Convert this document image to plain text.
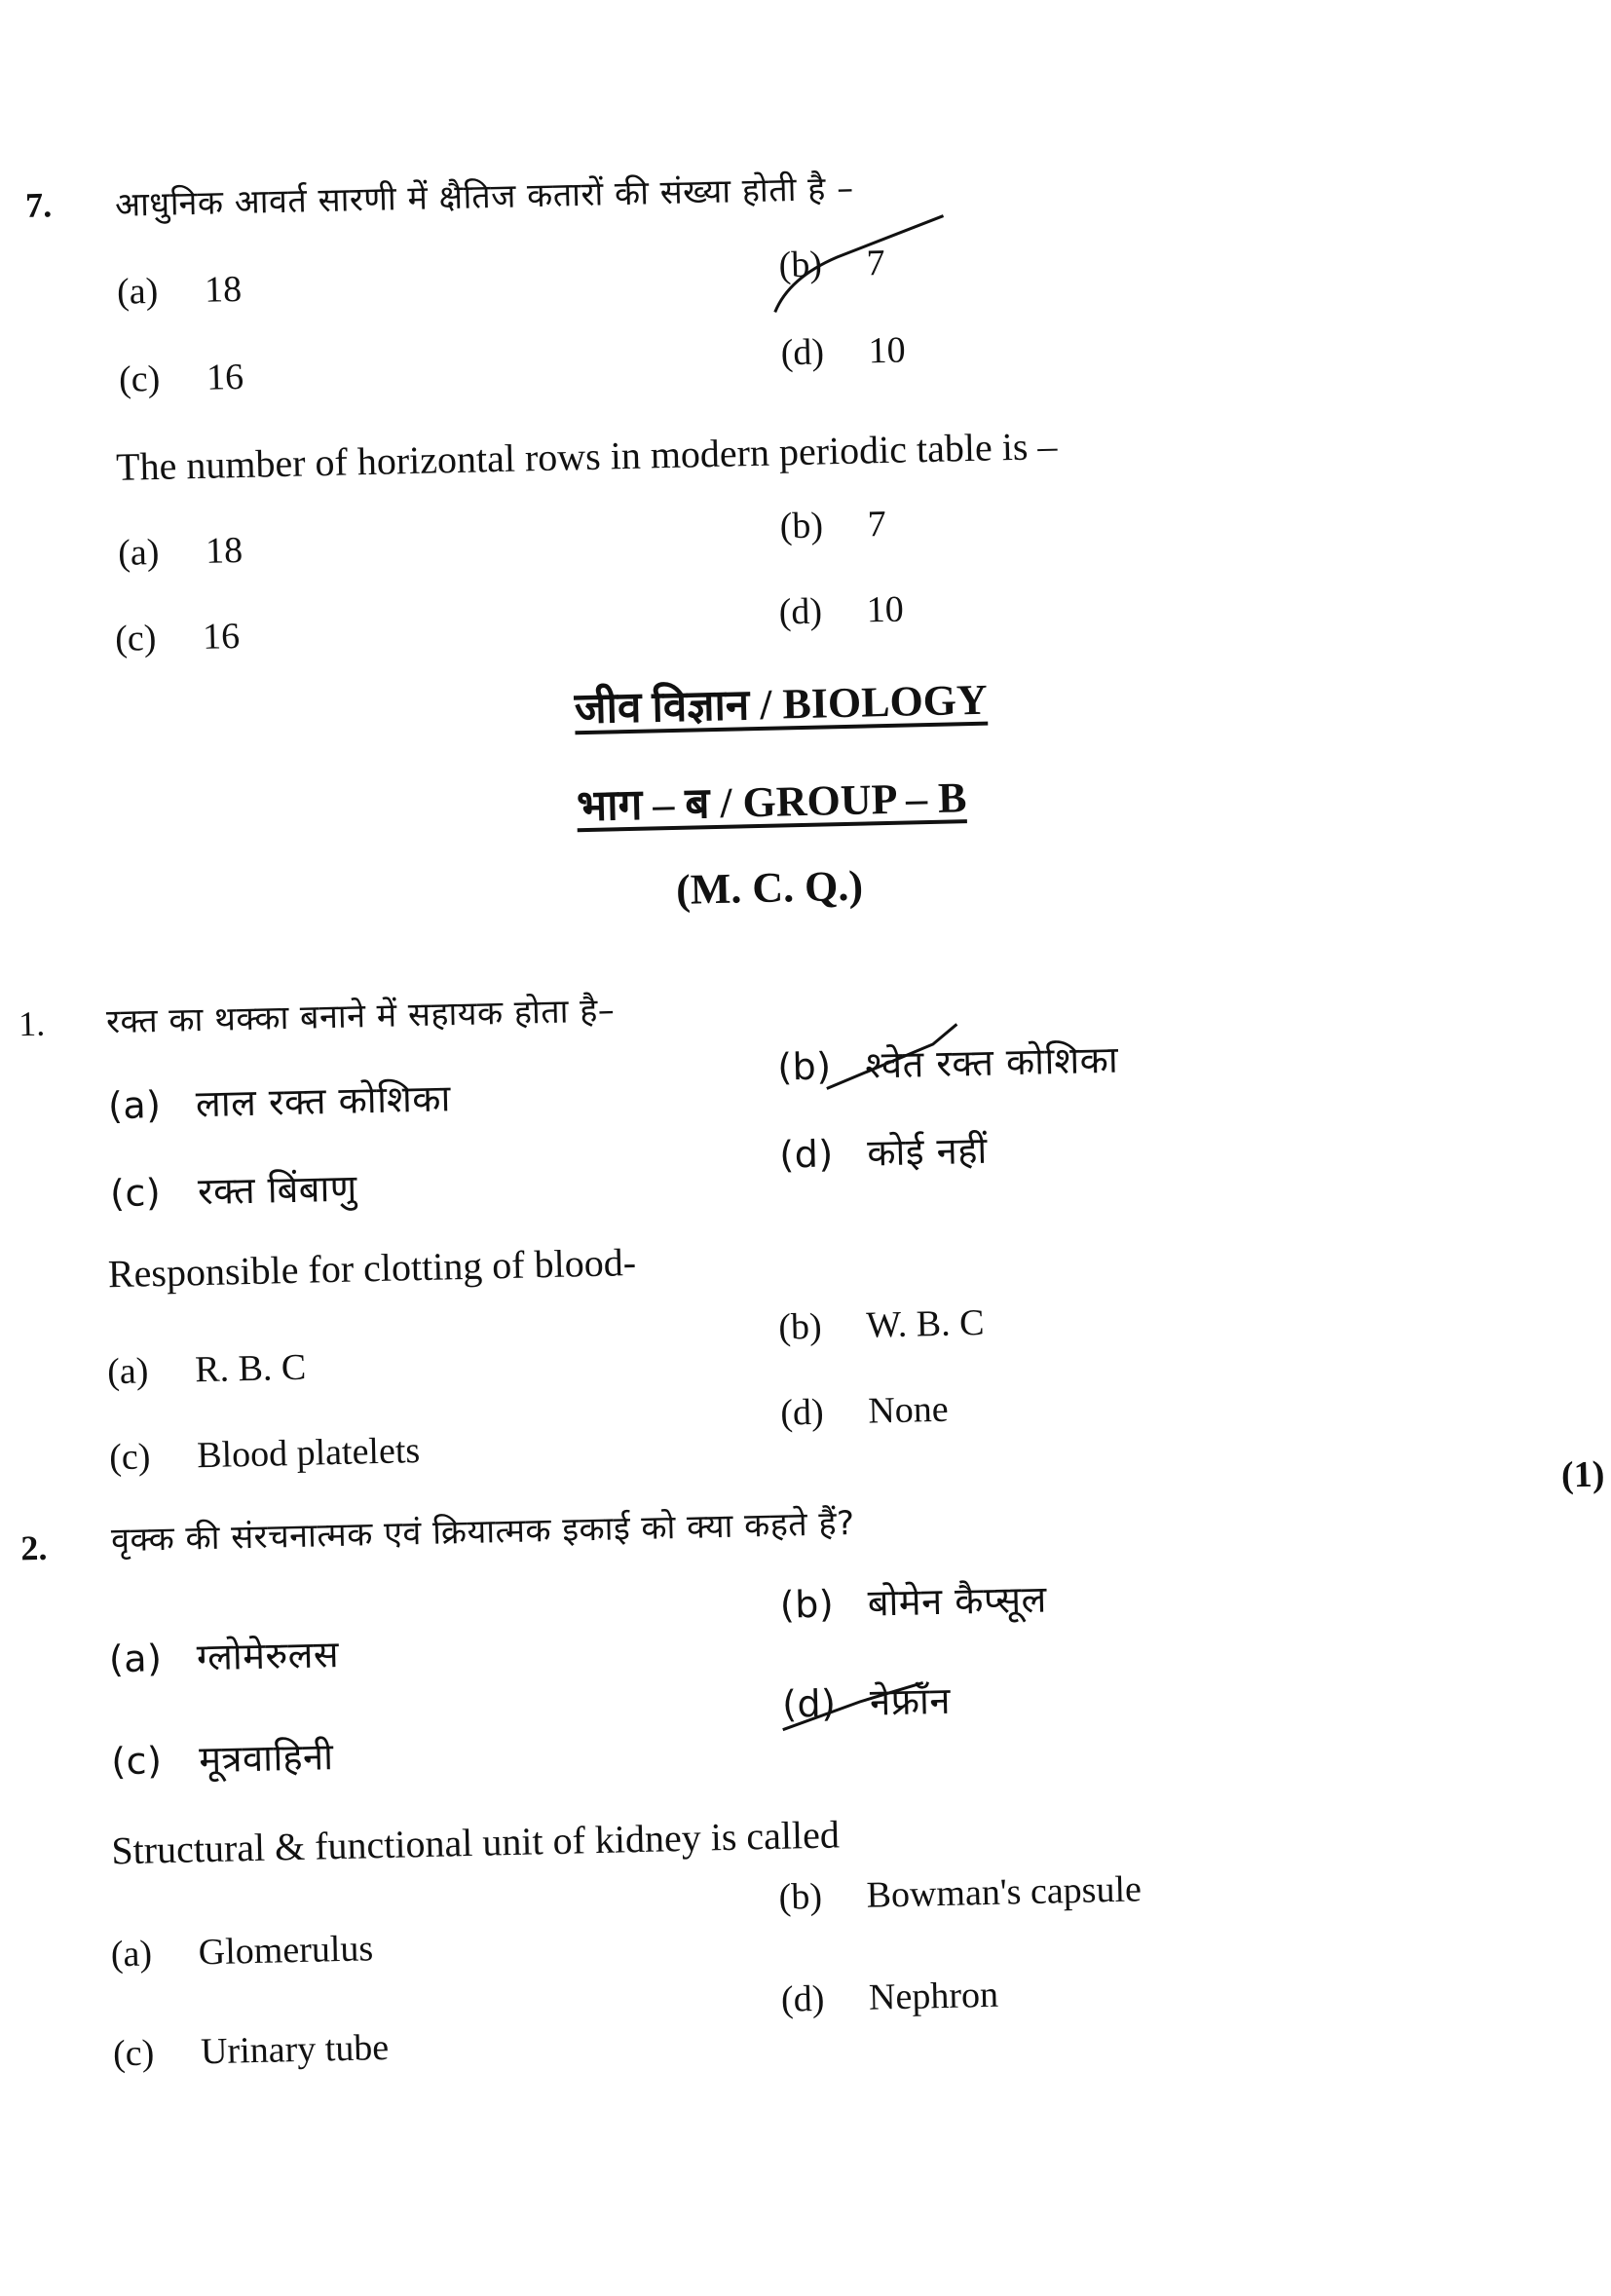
7. आधुनिक आवर्त सारणी में क्षैतिज कतारों की संख्या होती है –
(a) 18
(b) 7
(c) 16
(d) 10
The number of horizontal rows in modern periodic table is –
(a) 18
(b) 7
(c) 16
(d) 10
जीव विज्ञान / BIOLOGY
भाग – ब / GROUP – B
(M. C. Q.)
1. रक्त का थक्का बनाने में सहायक होता है–
(a) लाल रक्त कोशिका
(b) श्वेत रक्त कोशिका
(c) रक्त बिंबाणु
(d) कोई नहीं
Responsible for clotting of blood-
(a) R. B. C
(b) W. B. C
(c) Blood platelets
(d) None
(1)
2. वृक्क की संरचनात्मक एवं क्रियात्मक इकाई को क्या कहते हैं?
(a) ग्लोमेरुलस
(b) बोमेन कैप्सूल
(c) मूत्रवाहिनी
(d) नेफ्रॉन
Structural & functional unit of kidney is called
(a) Glomerulus
(b) Bowman's capsule
(c) Urinary tube
(d) Nephron
